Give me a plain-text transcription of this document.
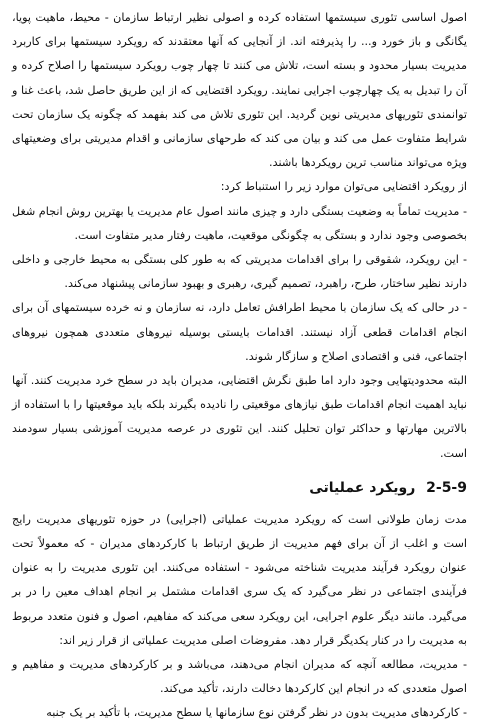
اصول اساسی تئوری سیستمها استفاده کرده و اصولی نظیر ارتباط سازمان - محیط، ماهیت پویا، یگانگی و باز خورد و... را پذیرفته اند. از آنجایی که آنها معتقدند که رویکرد سیستمها برای کاربرد مدیریت بسیار محدود و بسته است، تلاش می کنند تا چهار چوب رویکرد سیستمها را اصلاح کرده و آن را تبدیل به یک چهارچوب اجرایی نمایند. رویکرد اقتضایی که از این طریق حاصل شد، باعث غنا و توانمندی تئوریهای مدیریتی نوین گردید. این تئوری تلاش می کند بفهمد که چگونه یک سازمان تحت شرایط متفاوت عمل می کند و بیان می کند که طرحهای سازمانی و اقدام مدیریتی برای وضعیتهای ویژه می‌تواند مناسب ترین رویکردها باشند.

از رویکرد اقتضایی می‌توان موارد زیر را استنباط کرد:

- مدیریت تماماً به وضعیت بستگی دارد و چیزی مانند اصول عام مدیریت یا بهترین روش انجام شغل بخصوصی وجود ندارد و بستگی به چگونگی موقعیت، ماهیت رفتار مدیر متفاوت است.
- این رویکرد، شقوقی را برای اقدامات مدیریتی که به طور کلی بستگی به محیط خارجی و داخلی دارند نظیر ساختار، طرح، راهبرد، تصمیم گیری، رهبری و بهبود سازمانی پیشنهاد می‌کند.
- در حالی که یک سازمان با محیط اطرافش تعامل دارد، نه سازمان و نه خرده سیستمهای آن برای انجام اقدامات قطعی آزاد نیستند. اقدامات بایستی بوسیله نیروهای متعددی همچون نیروهای اجتماعی، فنی و اقتصادی اصلاح و سازگار شوند.

البته محدودیتهایی وجود دارد اما طبق نگرش اقتضایی، مدیران باید در سطح خرد مدیریت کنند. آنها نباید اهمیت انجام اقدامات طبق نیازهای موقعیتی را نادیده بگیرند بلکه باید موقعیتها را با استفاده از بالاترین مهارتها و حداکثر توان تحلیل کنند. این تئوری در عرصه مدیریت آموزشی بسیار سودمند است.

2-5-9 رویکرد عملیاتی

مدت زمان طولانی است که رویکرد مدیریت عملیاتی (اجرایی) در حوزه تئوریهای مدیریت رایج است و اغلب از آن برای فهم مدیریت از طریق ارتباط با کارکردهای مدیران - که معمولاً تحت عنوان رویکرد فرآیند مدیریت شناخته می‌شود - استفاده می‌کنند. این تئوری مدیریت را به عنوان فرآیندی اجتماعی در نظر می‌گیرد که یک سری اقدامات مشتمل بر انجام اهداف معین را در بر می‌گیرد. مانند دیگر علوم اجرایی، این رویکرد سعی می‌کند که مفاهیم، اصول و فنون متعدد مربوط به مدیریت را در کنار یکدیگر قرار دهد. مفروضات اصلی مدیریت عملیاتی از قرار زیر اند:

- مدیریت، مطالعه آنچه که مدیران انجام می‌دهند، می‌باشد و بر کارکردهای مدیریت و مفاهیم و اصول متعددی که در انجام این کارکردها دخالت دارند، تأکید می‌کند.
- کارکردهای مدیریت بدون در نظر گرفتن نوع سازمانها یا سطح مدیریت، با تأکید بر یک جنبه
